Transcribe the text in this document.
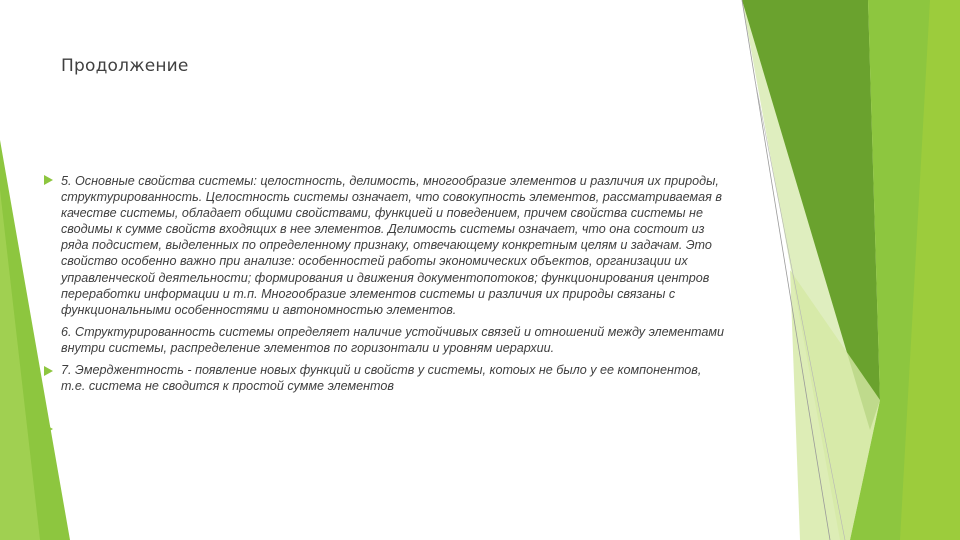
Продолжение

5. Основные свойства системы: целостность, делимость, многообразие элементов и различия их природы, структурированность. Целостность системы означает, что совокупность элементов, рассматриваемая в качестве системы, обладает общими свойствами, функцией и поведением, причем свойства системы не сводимы к сумме свойств входящих в нее элементов. Делимость системы означает, что она состоит из ряда подсистем, выделенных по определенному признаку, отвечающему конкретным целям и задачам. Это свойство особенно важно при анализе: особенностей работы экономических объектов, организации их управленческой деятельности; формирования и движения документопотоков; функционирования центров переработки информации и т.п. Многообразие элементов системы и различия их природы связаны с функциональными особенностями и автономностью элементов.

6. Структурированность системы определяет наличие устойчивых связей и отношений между элементами внутри системы, распределение элементов по горизонтали и уровням иерархии.

7. Эмерджентность - появление новых функций и свойств у системы, котоых не было у ее компонентов, т.е. система не сводится к простой сумме элементов
